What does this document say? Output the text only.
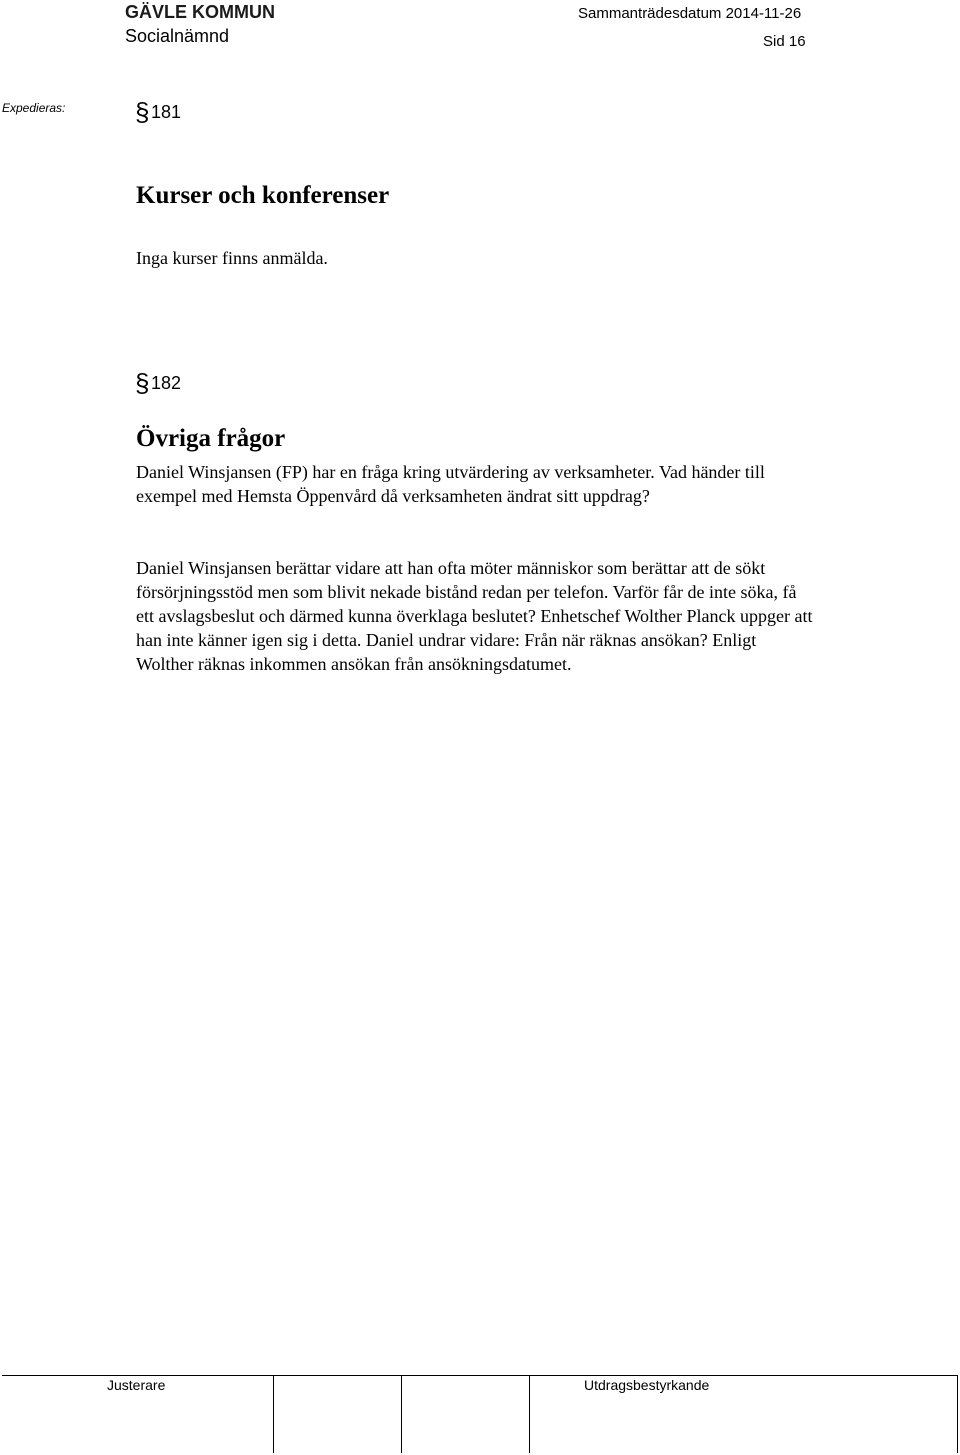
GÄVLE KOMMUN
Socialnämnd
Sammanträdesdatum 2014-11-26
Sid 16
Expedieras:	§ 181
Kurser och konferenser

Inga kurser finns anmälda.

§ 182
Övriga frågor

Daniel Winsjansen (FP) har en fråga kring utvärdering av verksamheter. Vad händer till exempel med Hemsta Öppenvård då verksamheten ändrat sitt uppdrag?

Daniel Winsjansen berättar vidare att han ofta möter människor som berättar att de sökt försörjningsstöd men som blivit nekade bistånd redan per telefon. Varför får de inte söka, få ett avslagsbeslut och därmed kunna överklaga beslutet? Enhetschef Wolther Planck uppger att han inte känner igen sig i detta. Daniel undrar vidare: Från när räknas ansökan? Enligt Wolther räknas inkommen ansökan från ansökningsdatumet.

Justerare	Utdragsbestyrkande
